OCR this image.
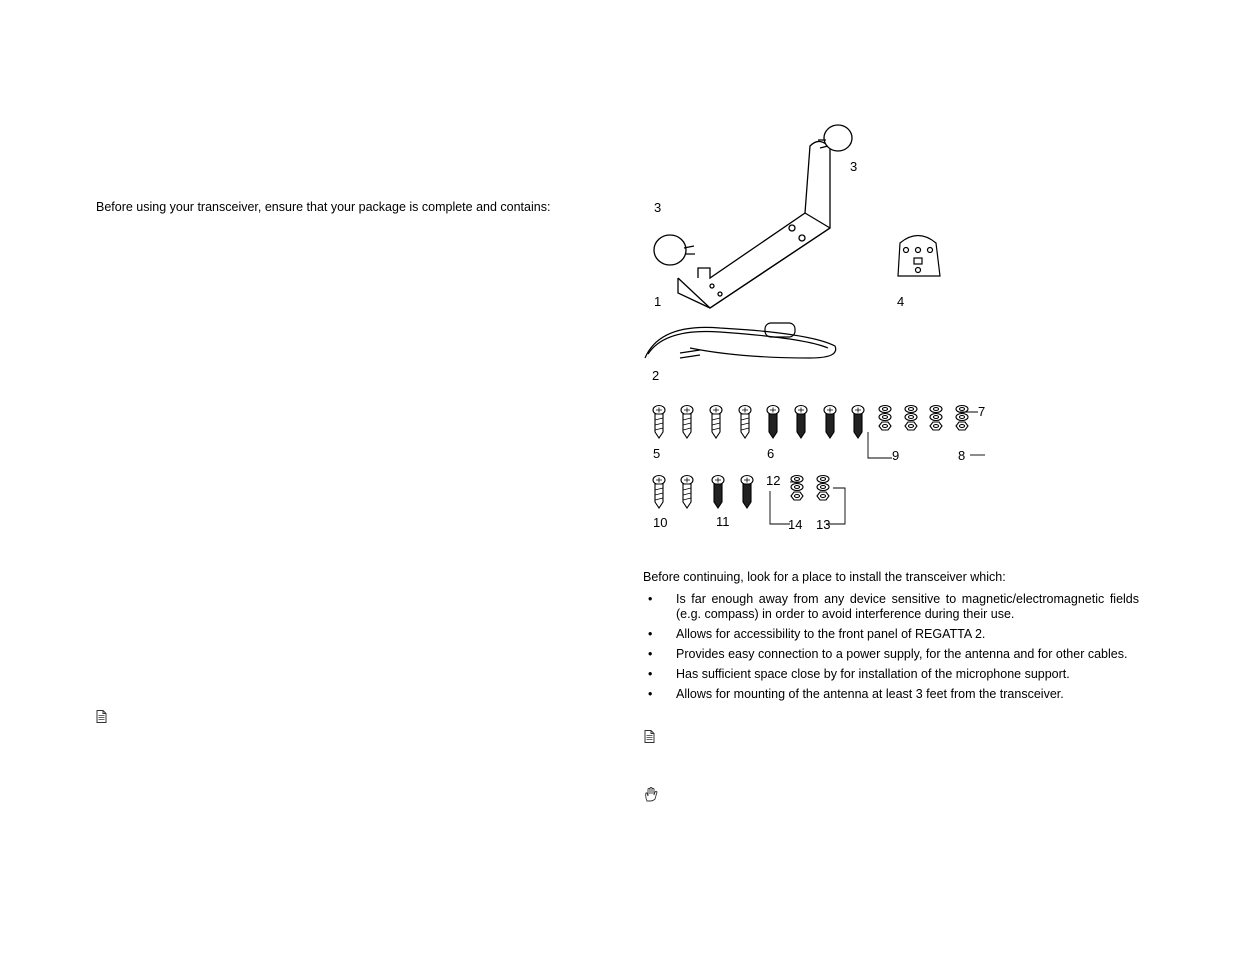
Before using your transceiver, ensure that your package is complete and contains:
1
2
3
3
4
5	6
7
8
9
10	11
12
13
14
Before continuing, look for a place to install the transceiver which:
• Is far enough away from any device sensitive to magnetic/electromagnetic fields (e.g. compass) in order to avoid interference during their use.
• Allows for accessibility to the front panel of REGATTA 2.
• Provides easy connection to a power supply, for the antenna and for other cables.
• Has sufficient space close by for installation of the microphone support.
• Allows for mounting of the antenna at least 3 feet from the transceiver.
